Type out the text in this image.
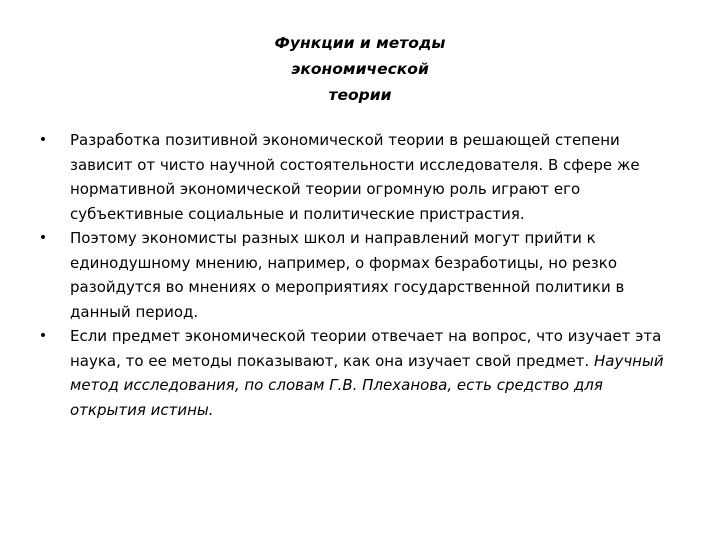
Функции и методы
экономической
теории
• Разработка позитивной экономической теории в решающей степени зависит от чисто научной состоятельности исследователя. В сфере же нормативной экономической теории огромную роль играют его субъективные социальные и политические пристрастия.
• Поэтому экономисты разных школ и направлений могут прийти к единодушному мнению, например, о формах безработицы, но резко разойдутся во мнениях о мероприятиях государственной политики в данный период.
• Если предмет экономической теории отвечает на вопрос, что изучает эта наука, то ее методы показывают, как она изучает свой предмет. Научный метод исследования, по словам Г.В. Плеханова, есть средство для открытия истины.
